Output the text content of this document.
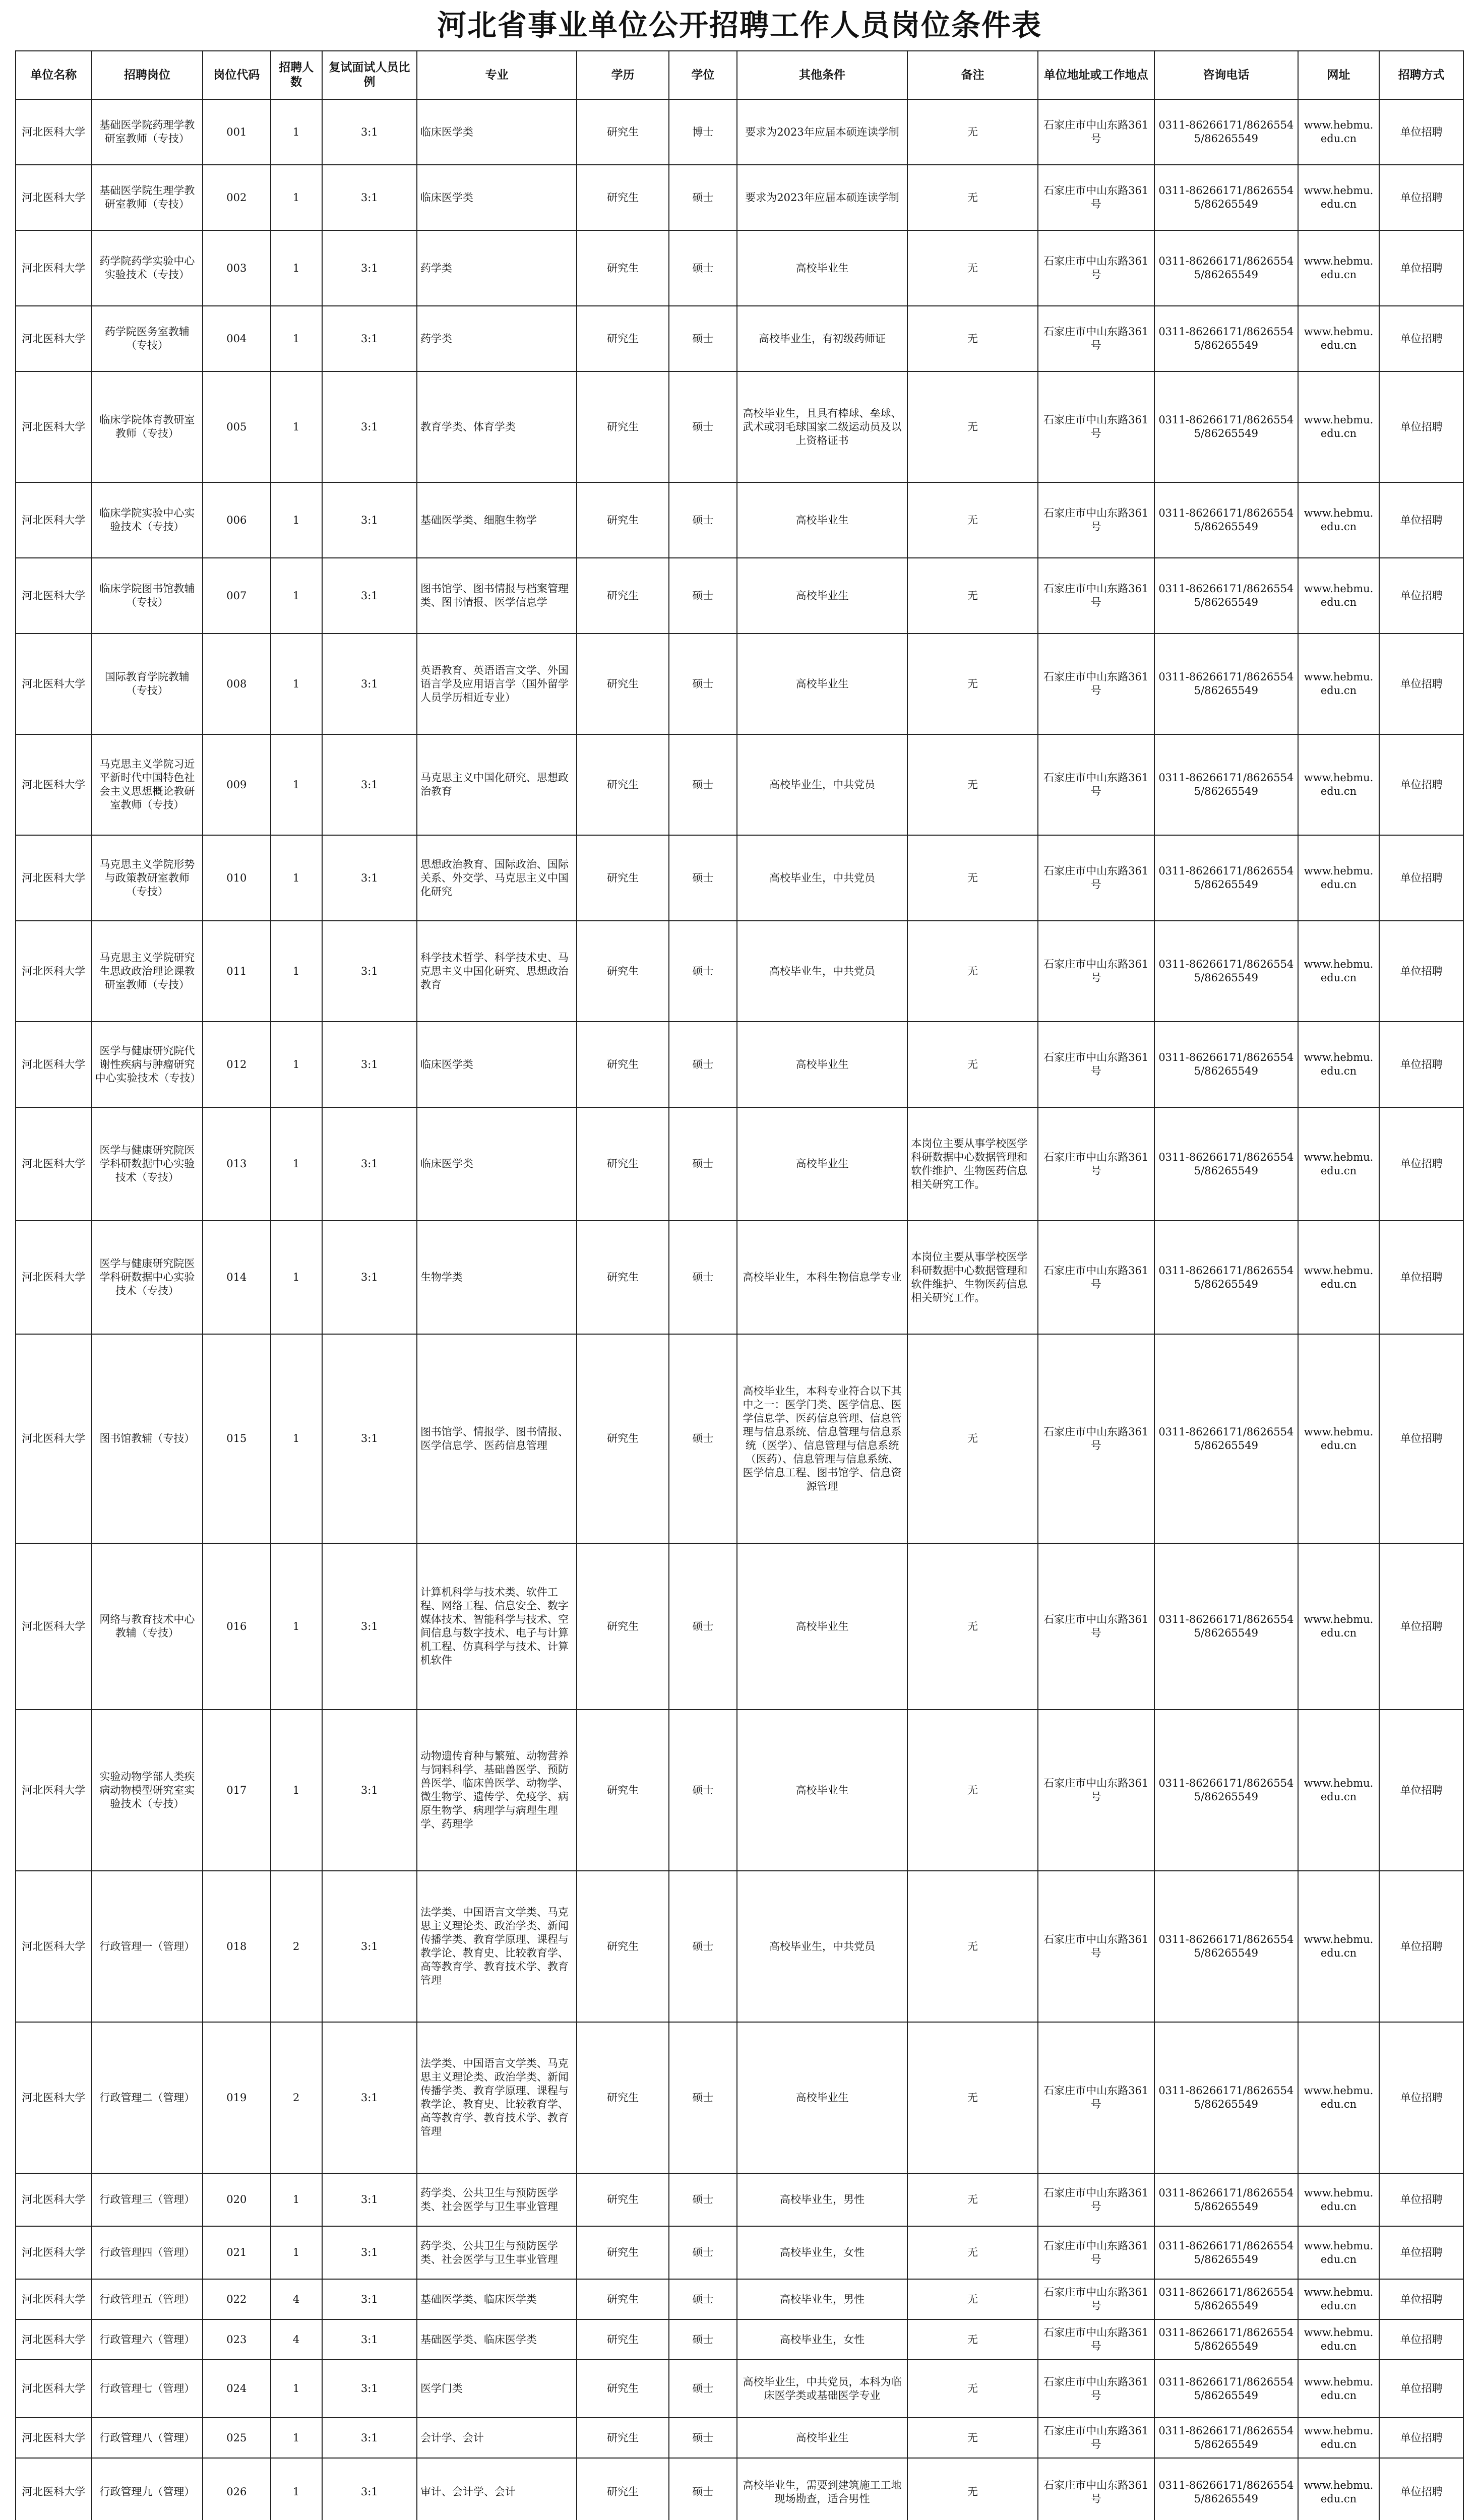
河北省事业单位公开招聘工作人员岗位条件表
单位名称	招聘岗位	岗位代码	招聘人数	复试面试人员比例	专业	学历	学位	其他条件	备注	单位地址或工作地点	咨询电话	网址	招聘方式
河北医科大学	基础医学院药理学教研室教师（专技）	001	1	3:1	临床医学类	研究生	博士	要求为2023年应届本硕连读学制	无	石家庄市中山东路361号	0311-86266171/86265545/86265549	www.hebmu.edu.cn	单位招聘
河北医科大学	基础医学院生理学教研室教师（专技）	002	1	3:1	临床医学类	研究生	硕士	要求为2023年应届本硕连读学制	无	石家庄市中山东路361号	0311-86266171/86265545/86265549	www.hebmu.edu.cn	单位招聘
河北医科大学	药学院药学实验中心实验技术（专技）	003	1	3:1	药学类	研究生	硕士	高校毕业生	无	石家庄市中山东路361号	0311-86266171/86265545/86265549	www.hebmu.edu.cn	单位招聘
河北医科大学	药学院医务室教辅（专技）	004	1	3:1	药学类	研究生	硕士	高校毕业生，有初级药师证	无	石家庄市中山东路361号	0311-86266171/86265545/86265549	www.hebmu.edu.cn	单位招聘
河北医科大学	临床学院体育教研室教师（专技）	005	1	3:1	教育学类、体育学类	研究生	硕士	高校毕业生，且具有棒球、垒球、武术或羽毛球国家二级运动员及以上资格证书	无	石家庄市中山东路361号	0311-86266171/86265545/86265549	www.hebmu.edu.cn	单位招聘
河北医科大学	临床学院实验中心实验技术（专技）	006	1	3:1	基础医学类、细胞生物学	研究生	硕士	高校毕业生	无	石家庄市中山东路361号	0311-86266171/86265545/86265549	www.hebmu.edu.cn	单位招聘
河北医科大学	临床学院图书馆教辅（专技）	007	1	3:1	图书馆学、图书情报与档案管理类、图书情报、医学信息学	研究生	硕士	高校毕业生	无	石家庄市中山东路361号	0311-86266171/86265545/86265549	www.hebmu.edu.cn	单位招聘
河北医科大学	国际教育学院教辅（专技）	008	1	3:1	英语教育、英语语言文学、外国语言学及应用语言学（国外留学人员学历相近专业）	研究生	硕士	高校毕业生	无	石家庄市中山东路361号	0311-86266171/86265545/86265549	www.hebmu.edu.cn	单位招聘
河北医科大学	马克思主义学院习近平新时代中国特色社会主义思想概论教研室教师（专技）	009	1	3:1	马克思主义中国化研究、思想政治教育	研究生	硕士	高校毕业生，中共党员	无	石家庄市中山东路361号	0311-86266171/86265545/86265549	www.hebmu.edu.cn	单位招聘
河北医科大学	马克思主义学院形势与政策教研室教师（专技）	010	1	3:1	思想政治教育、国际政治、国际关系、外交学、马克思主义中国化研究	研究生	硕士	高校毕业生，中共党员	无	石家庄市中山东路361号	0311-86266171/86265545/86265549	www.hebmu.edu.cn	单位招聘
河北医科大学	马克思主义学院研究生思政政治理论课教研室教师（专技）	011	1	3:1	科学技术哲学、科学技术史、马克思主义中国化研究、思想政治教育	研究生	硕士	高校毕业生，中共党员	无	石家庄市中山东路361号	0311-86266171/86265545/86265549	www.hebmu.edu.cn	单位招聘
河北医科大学	医学与健康研究院代谢性疾病与肿瘤研究中心实验技术（专技）	012	1	3:1	临床医学类	研究生	硕士	高校毕业生	无	石家庄市中山东路361号	0311-86266171/86265545/86265549	www.hebmu.edu.cn	单位招聘
河北医科大学	医学与健康研究院医学科研数据中心实验技术（专技）	013	1	3:1	临床医学类	研究生	硕士	高校毕业生	本岗位主要从事学校医学科研数据中心数据管理和软件维护、生物医药信息相关研究工作。	石家庄市中山东路361号	0311-86266171/86265545/86265549	www.hebmu.edu.cn	单位招聘
河北医科大学	医学与健康研究院医学科研数据中心实验技术（专技）	014	1	3:1	生物学类	研究生	硕士	高校毕业生，本科生物信息学专业	本岗位主要从事学校医学科研数据中心数据管理和软件维护、生物医药信息相关研究工作。	石家庄市中山东路361号	0311-86266171/86265545/86265549	www.hebmu.edu.cn	单位招聘
河北医科大学	图书馆教辅（专技）	015	1	3:1	图书馆学、情报学、图书情报、医学信息学、医药信息管理	研究生	硕士	高校毕业生，本科专业符合以下其中之一：医学门类、医学信息、医学信息学、医药信息管理、信息管理与信息系统、信息管理与信息系统（医学）、信息管理与信息系统（医药）、信息管理与信息系统、医学信息工程、图书馆学、信息资源管理	无	石家庄市中山东路361号	0311-86266171/86265545/86265549	www.hebmu.edu.cn	单位招聘
河北医科大学	网络与教育技术中心教辅（专技）	016	1	3:1	计算机科学与技术类、软件工程、网络工程、信息安全、数字媒体技术、智能科学与技术、空间信息与数字技术、电子与计算机工程、仿真科学与技术、计算机软件	研究生	硕士	高校毕业生	无	石家庄市中山东路361号	0311-86266171/86265545/86265549	www.hebmu.edu.cn	单位招聘
河北医科大学	实验动物学部人类疾病动物模型研究室实验技术（专技）	017	1	3:1	动物遗传育种与繁殖、动物营养与饲料科学、基础兽医学、预防兽医学、临床兽医学、动物学、微生物学、遗传学、免疫学、病原生物学、病理学与病理生理学、药理学	研究生	硕士	高校毕业生	无	石家庄市中山东路361号	0311-86266171/86265545/86265549	www.hebmu.edu.cn	单位招聘
河北医科大学	行政管理一（管理）	018	2	3:1	法学类、中国语言文学类、马克思主义理论类、政治学类、新闻传播学类、教育学原理、课程与教学论、教育史、比较教育学、高等教育学、教育技术学、教育管理	研究生	硕士	高校毕业生，中共党员	无	石家庄市中山东路361号	0311-86266171/86265545/86265549	www.hebmu.edu.cn	单位招聘
河北医科大学	行政管理二（管理）	019	2	3:1	法学类、中国语言文学类、马克思主义理论类、政治学类、新闻传播学类、教育学原理、课程与教学论、教育史、比较教育学、高等教育学、教育技术学、教育管理	研究生	硕士	高校毕业生	无	石家庄市中山东路361号	0311-86266171/86265545/86265549	www.hebmu.edu.cn	单位招聘
河北医科大学	行政管理三（管理）	020	1	3:1	药学类、公共卫生与预防医学类、社会医学与卫生事业管理	研究生	硕士	高校毕业生，男性	无	石家庄市中山东路361号	0311-86266171/86265545/86265549	www.hebmu.edu.cn	单位招聘
河北医科大学	行政管理四（管理）	021	1	3:1	药学类、公共卫生与预防医学类、社会医学与卫生事业管理	研究生	硕士	高校毕业生，女性	无	石家庄市中山东路361号	0311-86266171/86265545/86265549	www.hebmu.edu.cn	单位招聘
河北医科大学	行政管理五（管理）	022	4	3:1	基础医学类、临床医学类	研究生	硕士	高校毕业生，男性	无	石家庄市中山东路361号	0311-86266171/86265545/86265549	www.hebmu.edu.cn	单位招聘
河北医科大学	行政管理六（管理）	023	4	3:1	基础医学类、临床医学类	研究生	硕士	高校毕业生，女性	无	石家庄市中山东路361号	0311-86266171/86265545/86265549	www.hebmu.edu.cn	单位招聘
河北医科大学	行政管理七（管理）	024	1	3:1	医学门类	研究生	硕士	高校毕业生，中共党员，本科为临床医学类或基础医学专业	无	石家庄市中山东路361号	0311-86266171/86265545/86265549	www.hebmu.edu.cn	单位招聘
河北医科大学	行政管理八（管理）	025	1	3:1	会计学、会计	研究生	硕士	高校毕业生	无	石家庄市中山东路361号	0311-86266171/86265545/86265549	www.hebmu.edu.cn	单位招聘
河北医科大学	行政管理九（管理）	026	1	3:1	审计、会计学、会计	研究生	硕士	高校毕业生，需要到建筑施工工地现场勘查，适合男性	无	石家庄市中山东路361号	0311-86266171/86265545/86265549	www.hebmu.edu.cn	单位招聘
